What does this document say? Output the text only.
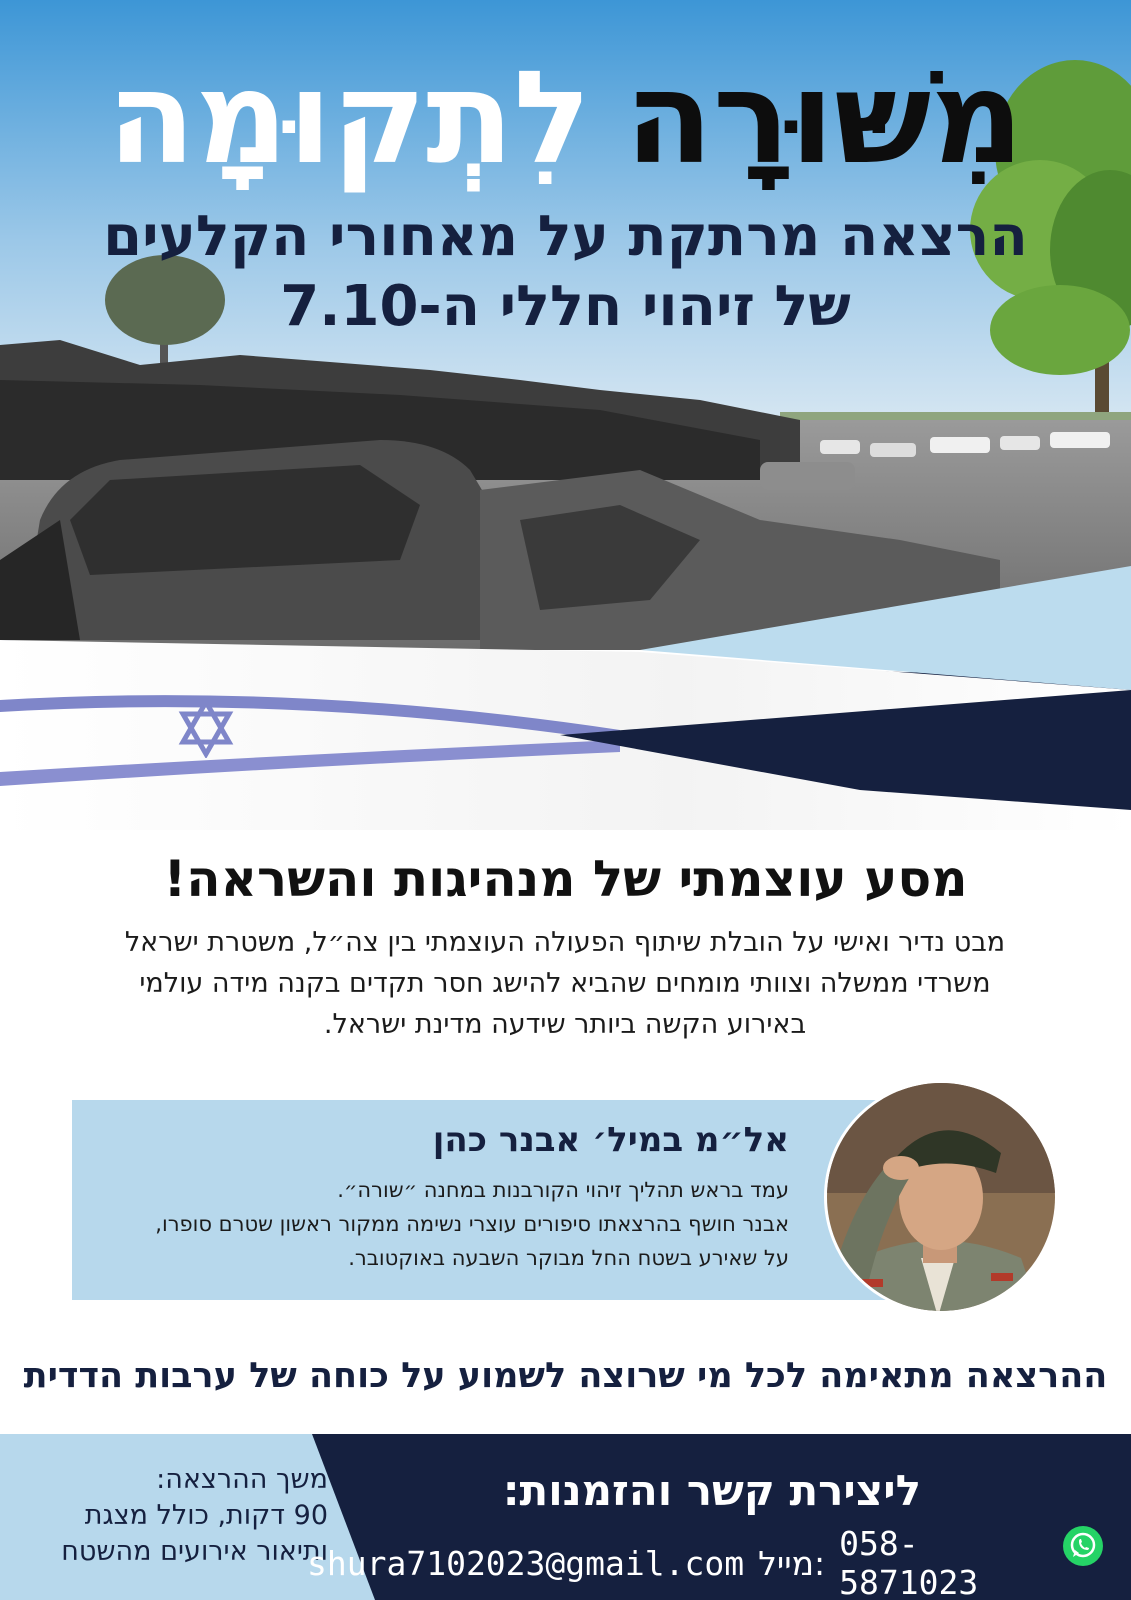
מִשּׁוּרָה
לִתְקוּמָה
הרצאה מרתקת על מאחורי הקלעים
של זיהוי חללי ה-7.10
מסע עוצמתי של מנהיגות והשראה!
מבט נדיר ואישי על הובלת שיתוף הפעולה העוצמתי בין צה״ל, משטרת ישראל
משרדי ממשלה וצוותי מומחים שהביא להישג חסר תקדים בקנה מידה עולמי
באירוע הקשה ביותר שידעה מדינת ישראל.
אל״מ במיל׳ אבנר כהן
עמד בראש תהליך זיהוי הקורבנות במחנה ״שורה״.
אבנר חושף בהרצאתו סיפורים עוצרי נשימה ממקור ראשון שטרם סופרו,
על שאירע בשטח החל מבוקר השבעה באוקטובר.
ההרצאה מתאימה לכל מי שרוצה לשמוע על כוחה של ערבות הדדית
משך ההרצאה:
90 דקות, כולל מצגת
ותיאור אירועים מהשטח
ליצירת קשר והזמנות:
058-5871023
מייל:
shura7102023@gmail.com
